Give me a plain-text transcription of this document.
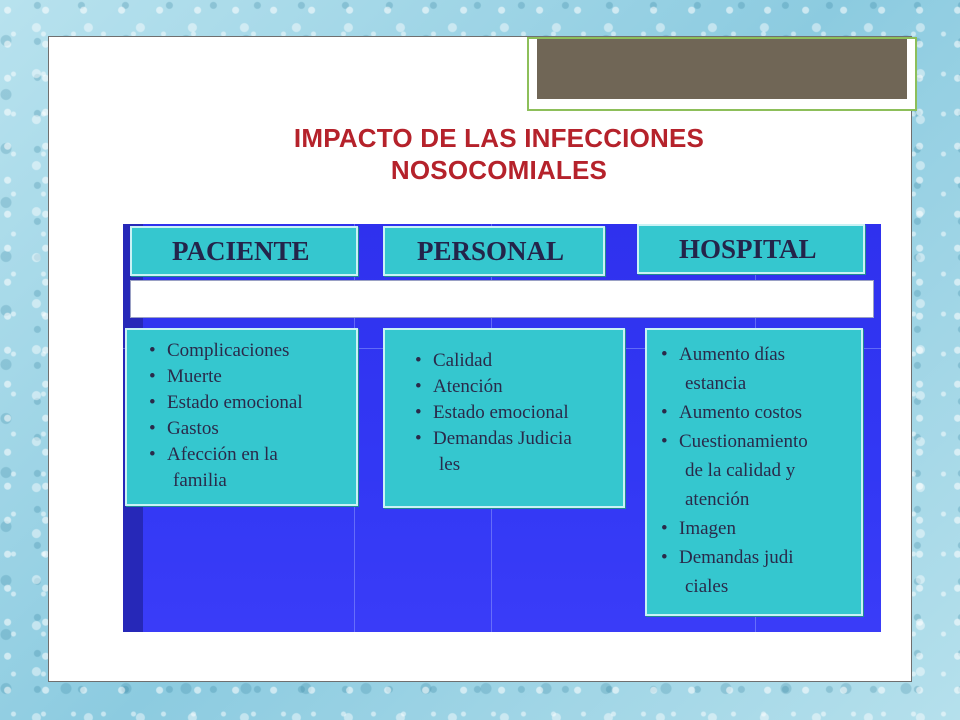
IMPACTO DE LAS INFECCIONES
NOSOCOMIALES
PACIENTE	PERSONAL	HOSPITAL
• Complicaciones
• Muerte
• Estado emocional
• Gastos
• Afección en la
familia
• Calidad
• Atención
• Estado emocional
• Demandas Judicia
les
• Aumento días
estancia
• Aumento costos
• Cuestionamiento
de la calidad y
atención
• Imagen
• Demandas judi
ciales
